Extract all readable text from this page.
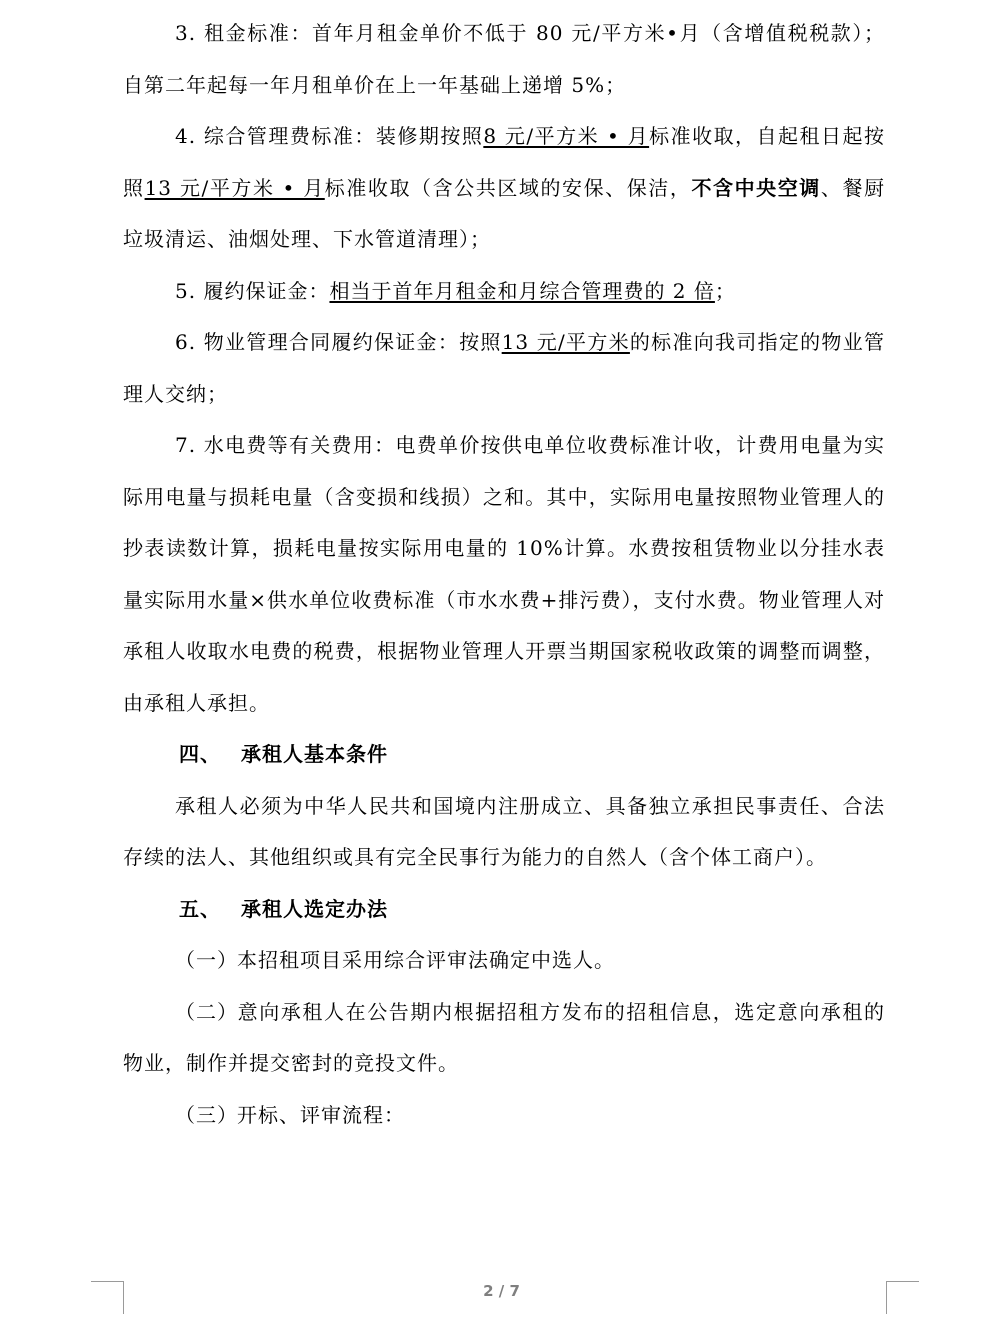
3. 租金标准：首年月租金单价不低于 80 元/平方米•月（含增值税税款）；自第二年起每一年月租单价在上一年基础上递增 5%；

4. 综合管理费标准：装修期按照8 元/平方米 • 月标准收取，自起租日起按照13 元/平方米 • 月标准收取（含公共区域的安保、保洁，不含中央空调、餐厨垃圾清运、油烟处理、下水管道清理）；

5. 履约保证金：相当于首年月租金和月综合管理费的 2 倍；

6. 物业管理合同履约保证金：按照13 元/平方米的标准向我司指定的物业管理人交纳；

7. 水电费等有关费用：电费单价按供电单位收费标准计收，计费用电量为实际用电量与损耗电量（含变损和线损）之和。其中，实际用电量按照物业管理人的抄表读数计算，损耗电量按实际用电量的 10%计算。水费按租赁物业以分挂水表量实际用水量×供水单位收费标准（市水水费+排污费），支付水费。物业管理人对承租人收取水电费的税费，根据物业管理人开票当期国家税收政策的调整而调整，由承租人承担。

四、 承租人基本条件

承租人必须为中华人民共和国境内注册成立、具备独立承担民事责任、合法存续的法人、其他组织或具有完全民事行为能力的自然人（含个体工商户）。

五、 承租人选定办法

（一）本招租项目采用综合评审法确定中选人。

（二）意向承租人在公告期内根据招租方发布的招租信息，选定意向承租的物业，制作并提交密封的竞投文件。

（三）开标、评审流程：

2 / 7
